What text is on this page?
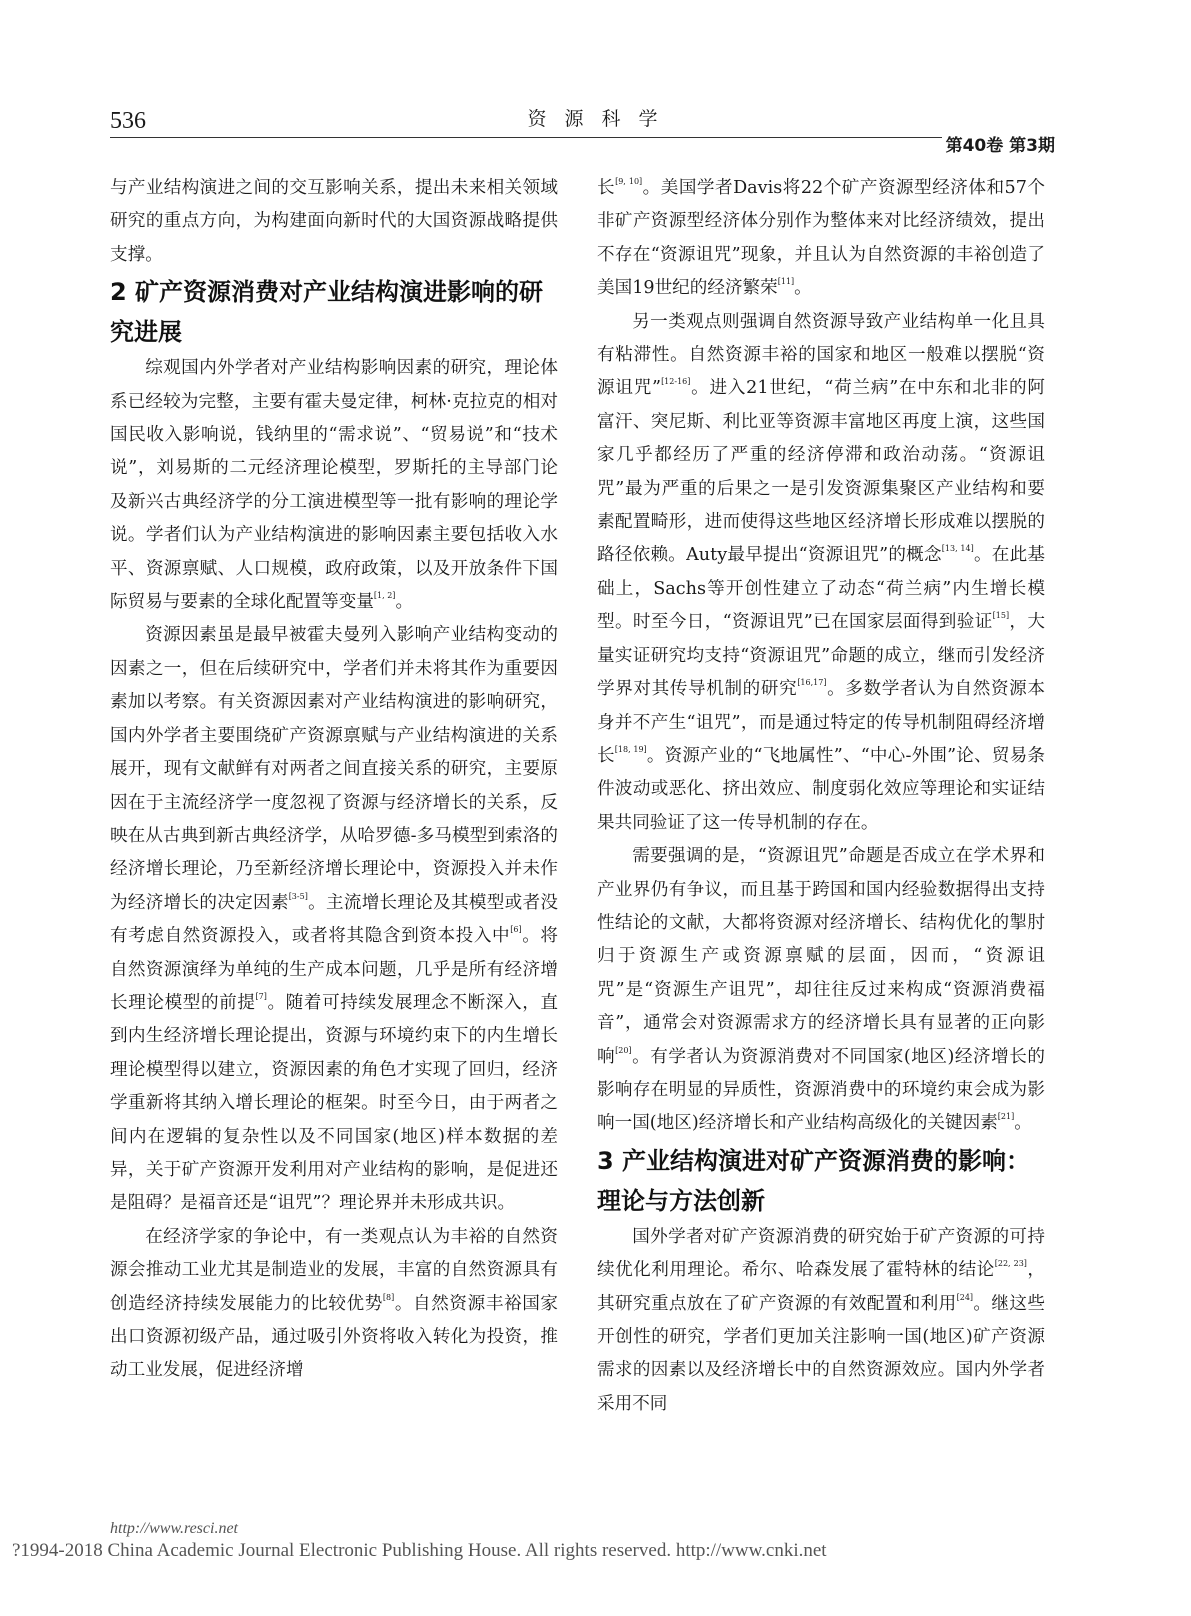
536	资 源 科 学
第40卷 第3期

与产业结构演进之间的交互影响关系，提出未来相关领域研究的重点方向，为构建面向新时代的大国资源战略提供支撑。

2 矿产资源消费对产业结构演进影响的研究进展

综观国内外学者对产业结构影响因素的研究，理论体系已经较为完整，主要有霍夫曼定律，柯林·克拉克的相对国民收入影响说，钱纳里的“需求说”、“贸易说”和“技术说”，刘易斯的二元经济理论模型，罗斯托的主导部门论及新兴古典经济学的分工演进模型等一批有影响的理论学说。学者们认为产业结构演进的影响因素主要包括收入水平、资源禀赋、人口规模，政府政策，以及开放条件下国际贸易与要素的全球化配置等变量[1, 2]。

资源因素虽是最早被霍夫曼列入影响产业结构变动的因素之一，但在后续研究中，学者们并未将其作为重要因素加以考察。有关资源因素对产业结构演进的影响研究，国内外学者主要围绕矿产资源禀赋与产业结构演进的关系展开，现有文献鲜有对两者之间直接关系的研究，主要原因在于主流经济学一度忽视了资源与经济增长的关系，反映在从古典到新古典经济学，从哈罗德-多马模型到索洛的经济增长理论，乃至新经济增长理论中，资源投入并未作为经济增长的决定因素[3-5]。主流增长理论及其模型或者没有考虑自然资源投入，或者将其隐含到资本投入中[6]。将自然资源演绎为单纯的生产成本问题，几乎是所有经济增长理论模型的前提[7]。随着可持续发展理念不断深入，直到内生经济增长理论提出，资源与环境约束下的内生增长理论模型得以建立，资源因素的角色才实现了回归，经济学重新将其纳入增长理论的框架。时至今日，由于两者之间内在逻辑的复杂性以及不同国家(地区)样本数据的差异，关于矿产资源开发利用对产业结构的影响，是促进还是阻碍？是福音还是“诅咒”？理论界并未形成共识。

在经济学家的争论中，有一类观点认为丰裕的自然资源会推动工业尤其是制造业的发展，丰富的自然资源具有创造经济持续发展能力的比较优势[8]。自然资源丰裕国家出口资源初级产品，通过吸引外资将收入转化为投资，推动工业发展，促进经济增

长[9, 10]。美国学者Davis将22个矿产资源型经济体和57个非矿产资源型经济体分别作为整体来对比经济绩效，提出不存在“资源诅咒”现象，并且认为自然资源的丰裕创造了美国19世纪的经济繁荣[11]。

另一类观点则强调自然资源导致产业结构单一化且具有粘滞性。自然资源丰裕的国家和地区一般难以摆脱“资源诅咒”[12-16]。进入21世纪，“荷兰病”在中东和北非的阿富汗、突尼斯、利比亚等资源丰富地区再度上演，这些国家几乎都经历了严重的经济停滞和政治动荡。“资源诅咒”最为严重的后果之一是引发资源集聚区产业结构和要素配置畸形，进而使得这些地区经济增长形成难以摆脱的路径依赖。Auty最早提出“资源诅咒”的概念[13, 14]。在此基础上，Sachs等开创性建立了动态“荷兰病”内生增长模型。时至今日，“资源诅咒”已在国家层面得到验证[15]，大量实证研究均支持“资源诅咒”命题的成立，继而引发经济学界对其传导机制的研究[16,17]。多数学者认为自然资源本身并不产生“诅咒”，而是通过特定的传导机制阻碍经济增长[18, 19]。资源产业的“飞地属性”、“中心-外围”论、贸易条件波动或恶化、挤出效应、制度弱化效应等理论和实证结果共同验证了这一传导机制的存在。

需要强调的是，“资源诅咒”命题是否成立在学术界和产业界仍有争议，而且基于跨国和国内经验数据得出支持性结论的文献，大都将资源对经济增长、结构优化的掣肘归于资源生产或资源禀赋的层面，因而，“资源诅咒”是“资源生产诅咒”，却往往反过来构成“资源消费福音”，通常会对资源需求方的经济增长具有显著的正向影响[20]。有学者认为资源消费对不同国家(地区)经济增长的影响存在明显的异质性，资源消费中的环境约束会成为影响一国(地区)经济增长和产业结构高级化的关键因素[21]。

3 产业结构演进对矿产资源消费的影响：理论与方法创新

国外学者对矿产资源消费的研究始于矿产资源的可持续优化利用理论。希尔、哈森发展了霍特林的结论[22, 23]，其研究重点放在了矿产资源的有效配置和利用[24]。继这些开创性的研究，学者们更加关注影响一国(地区)矿产资源需求的因素以及经济增长中的自然资源效应。国内外学者采用不同

http://www.resci.net
?1994-2018 China Academic Journal Electronic Publishing House. All rights reserved. http://www.cnki.net
